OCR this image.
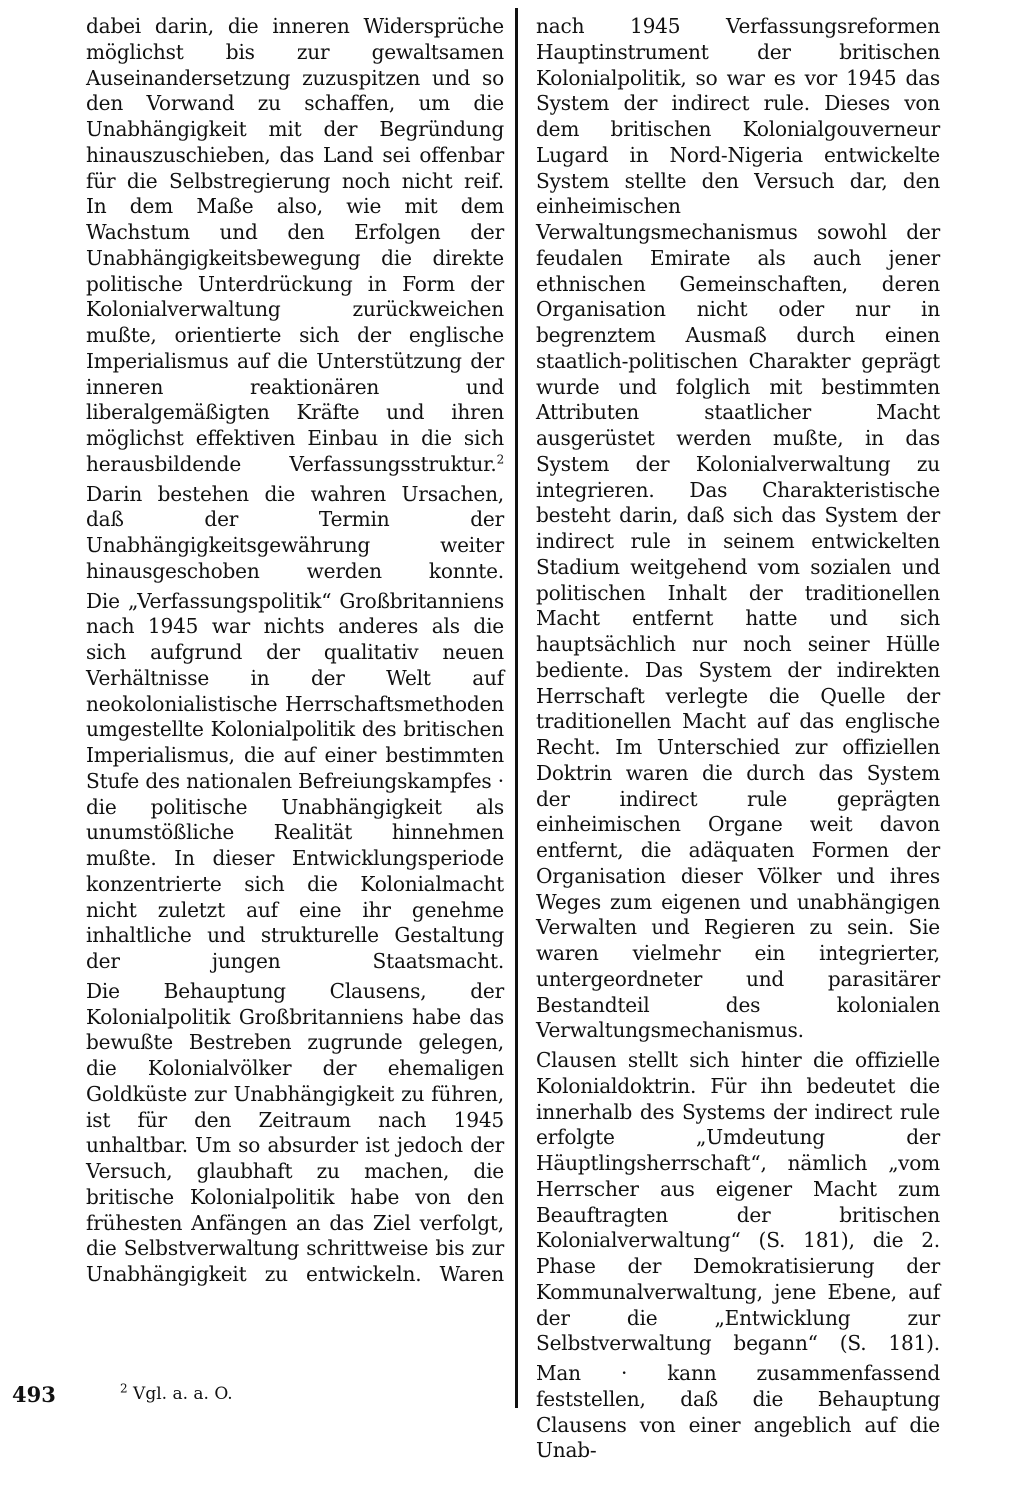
dabei darin, die inneren Widersprüche möglichst bis zur gewaltsamen Auseinandersetzung zuzuspitzen und so den Vorwand zu schaffen, um die Unabhängigkeit mit der Begründung hinauszuschieben, das Land sei offenbar für die Selbstregierung noch nicht reif. In dem Maße also, wie mit dem Wachstum und den Erfolgen der Unabhängigkeitsbewegung die direkte politische Unterdrückung in Form der Kolonialverwaltung zurückweichen mußte, orientierte sich der englische Imperialismus auf die Unterstützung der inneren reaktionären und liberalgemäßigten Kräfte und ihren möglichst effektiven Einbau in die sich herausbildende Verfassungsstruktur.$^2$

Darin bestehen die wahren Ursachen, daß der Termin der Unabhängigkeitsgewährung weiter hinausgeschoben werden konnte.

Die „Verfassungspolitik“ Großbritanniens nach 1945 war nichts anderes als die sich aufgrund der qualitativ neuen Verhältnisse in der Welt auf neokolonialistische Herrschaftsmethoden umgestellte Kolonialpolitik des britischen Imperialismus, die auf einer bestimmten Stufe des nationalen Befreiungskampfes · die politische Unabhängigkeit als unumstößliche Realität hinnehmen mußte. In dieser Entwicklungsperiode konzentrierte sich die Kolonialmacht nicht zuletzt auf eine ihr genehme inhaltliche und strukturelle Gestaltung der jungen Staatsmacht.

Die Behauptung Clausens, der Kolonialpolitik Großbritanniens habe das bewußte Bestreben zugrunde gelegen, die Kolonialvölker der ehemaligen Goldküste zur Unabhängigkeit zu führen, ist für den Zeitraum nach 1945 unhaltbar. Um so absurder ist jedoch der Versuch, glaubhaft zu machen, die britische Kolonialpolitik habe von den frühesten Anfängen an das Ziel verfolgt, die Selbstverwaltung schrittweise bis zur Unabhängigkeit zu entwickeln. Waren

nach 1945 Verfassungsreformen Hauptinstrument der britischen Kolonialpolitik, so war es vor 1945 das System der indirect rule. Dieses von dem britischen Kolonialgouverneur Lugard in Nord-Nigeria entwickelte System stellte den Versuch dar, den einheimischen Verwaltungsmechanismus sowohl der feudalen Emirate als auch jener ethnischen Gemeinschaften, deren Organisation nicht oder nur in begrenztem Ausmaß durch einen staatlich-politischen Charakter geprägt wurde und folglich mit bestimmten Attributen staatlicher Macht ausgerüstet werden mußte, in das System der Kolonialverwaltung zu integrieren. Das Charakteristische besteht darin, daß sich das System der indirect rule in seinem entwickelten Stadium weitgehend vom sozialen und politischen Inhalt der traditionellen Macht entfernt hatte und sich hauptsächlich nur noch seiner Hülle bediente. Das System der indirekten Herrschaft verlegte die Quelle der traditionellen Macht auf das englische Recht. Im Unterschied zur offiziellen Doktrin waren die durch das System der indirect rule geprägten einheimischen Organe weit davon entfernt, die adäquaten Formen der Organisation dieser Völker und ihres Weges zum eigenen und unabhängigen Verwalten und Regieren zu sein. Sie waren vielmehr ein integrierter, untergeordneter und parasitärer Bestandteil des kolonialen Verwaltungsmechanismus.

Clausen stellt sich hinter die offizielle Kolonialdoktrin. Für ihn bedeutet die innerhalb des Systems der indirect rule erfolgte „Umdeutung der Häuptlingsherrschaft“, nämlich „vom Herrscher aus eigener Macht zum Beauftragten der britischen Kolonialverwaltung“ (S. 181), die 2. Phase der Demokratisierung der Kommunalverwaltung, jene Ebene, auf der die „Entwicklung zur Selbstverwaltung begann“ (S. 181).

Man · kann zusammenfassend feststellen, daß die Behauptung Clausens von einer angeblich auf die Unab-

493	$^2$ Vgl. a. a. O.
